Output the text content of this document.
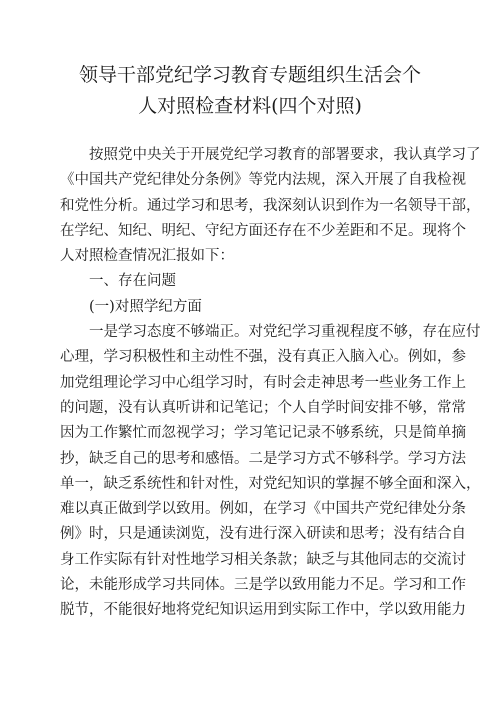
领导干部党纪学习教育专题组织生活会个
人对照检查材料(四个对照)
按照党中央关于开展党纪学习教育的部署要求，我认真学习了
《中国共产党纪律处分条例》等党内法规，深入开展了自我检视
和党性分析。通过学习和思考，我深刻认识到作为一名领导干部，
在学纪、知纪、明纪、守纪方面还存在不少差距和不足。现将个
人对照检查情况汇报如下：
一、存在问题
(一)对照学纪方面
一是学习态度不够端正。对党纪学习重视程度不够，存在应付
心理，学习积极性和主动性不强，没有真正入脑入心。例如，参
加党组理论学习中心组学习时，有时会走神思考一些业务工作上
的问题，没有认真听讲和记笔记；个人自学时间安排不够，常常
因为工作繁忙而忽视学习；学习笔记记录不够系统，只是简单摘
抄，缺乏自己的思考和感悟。二是学习方式不够科学。学习方法
单一，缺乏系统性和针对性，对党纪知识的掌握不够全面和深入，
难以真正做到学以致用。例如，在学习《中国共产党纪律处分条
例》时，只是通读浏览，没有进行深入研读和思考；没有结合自
身工作实际有针对性地学习相关条款；缺乏与其他同志的交流讨
论，未能形成学习共同体。三是学以致用能力不足。学习和工作
脱节，不能很好地将党纪知识运用到实际工作中，学以致用能力
